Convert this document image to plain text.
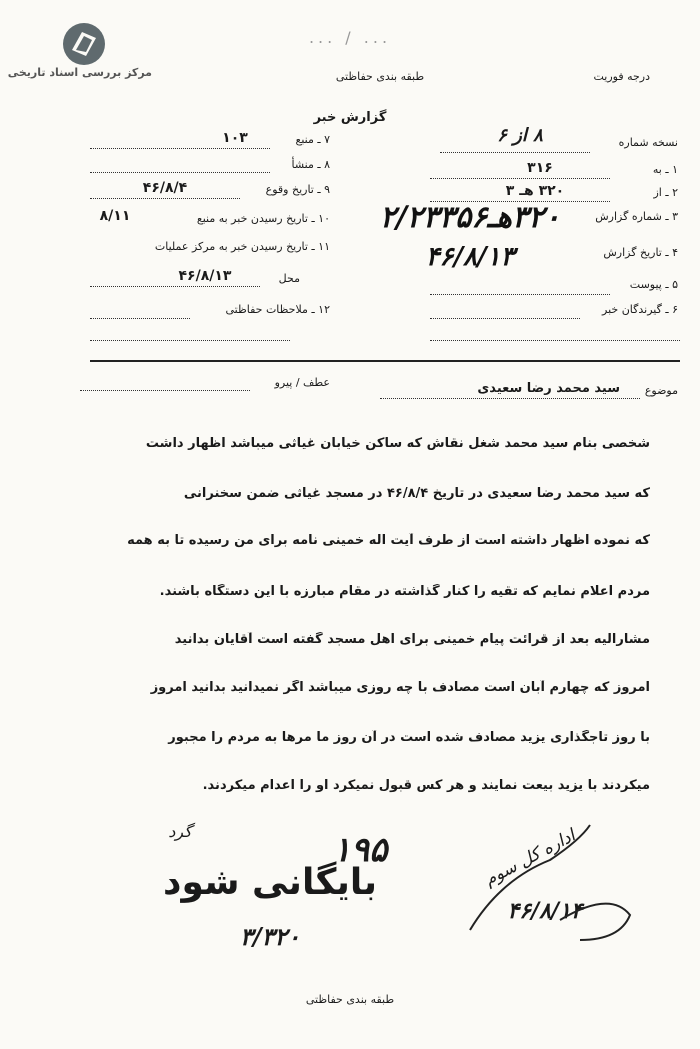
مرکز بررسی اسناد تاریخی
... / ...
طبقه بندی حفاظتی	درجه فوریت
گزارش خبر
نسخه شماره
۸ از ۶
۱ ـ به
۳۱۶
۲ ـ از
۳۲۰ هـ ۳
۳ ـ شماره گزارش
۴ ـ تاریخ گزارش
۵ ـ پیوست
۶ ـ گیرندگان خبر
۳۲۰هـ۲/۲۳۳۵۶
۴۶/۸/۱۳
۷ ـ منبع
۱۰۳
۸ ـ منشأ
۹ ـ تاریخ وقوع
۴۶/۸/۴
۱۰ ـ تاریخ رسیدن خبر به منبع
۸/۱۱
۱۱ ـ تاریخ رسیدن خبر به مرکز عملیات
محل
۴۶/۸/۱۳
۱۲ ـ ملاحظات حفاظتی
موضوع
سید محمد رضا سعیدی
عطف / پیرو
شخصی بنام سید محمد شغل نقاش که ساکن خیابان غیاثی میباشد اظهار داشت
که سید محمد رضا سعیدی در تاریخ ۴۶/۸/۴ در مسجد غیاثی ضمن سخنرانی
که نموده اظهار داشته است از طرف آیت اله خمینی نامه برای من رسیده تا به همه
مردم اعلام نمایم که تقیه را کنار گذاشته در مقام مبارزه با این دستگاه باشند.
مشارالیه بعد از قرائت پیام خمینی برای اهل مسجد گفته است آقایان بدانید
امروز که چهارم آبان است مصادف با چه روزی میباشد اگر نمیدانید بدانید امروز
با روز تاجگذاری یزید مصادف شده است در آن روز ما مرها به مردم را مجبور
میکردند با یزید بیعت نمایند و هر کس قبول نمیکرد او را اعدام میکردند.
گرد	۱۹۵
بایگانی شود
۳/۳۲۰
اداره کل سوم
۴۶/۸/۱۴
طبقه بندی حفاظتی
